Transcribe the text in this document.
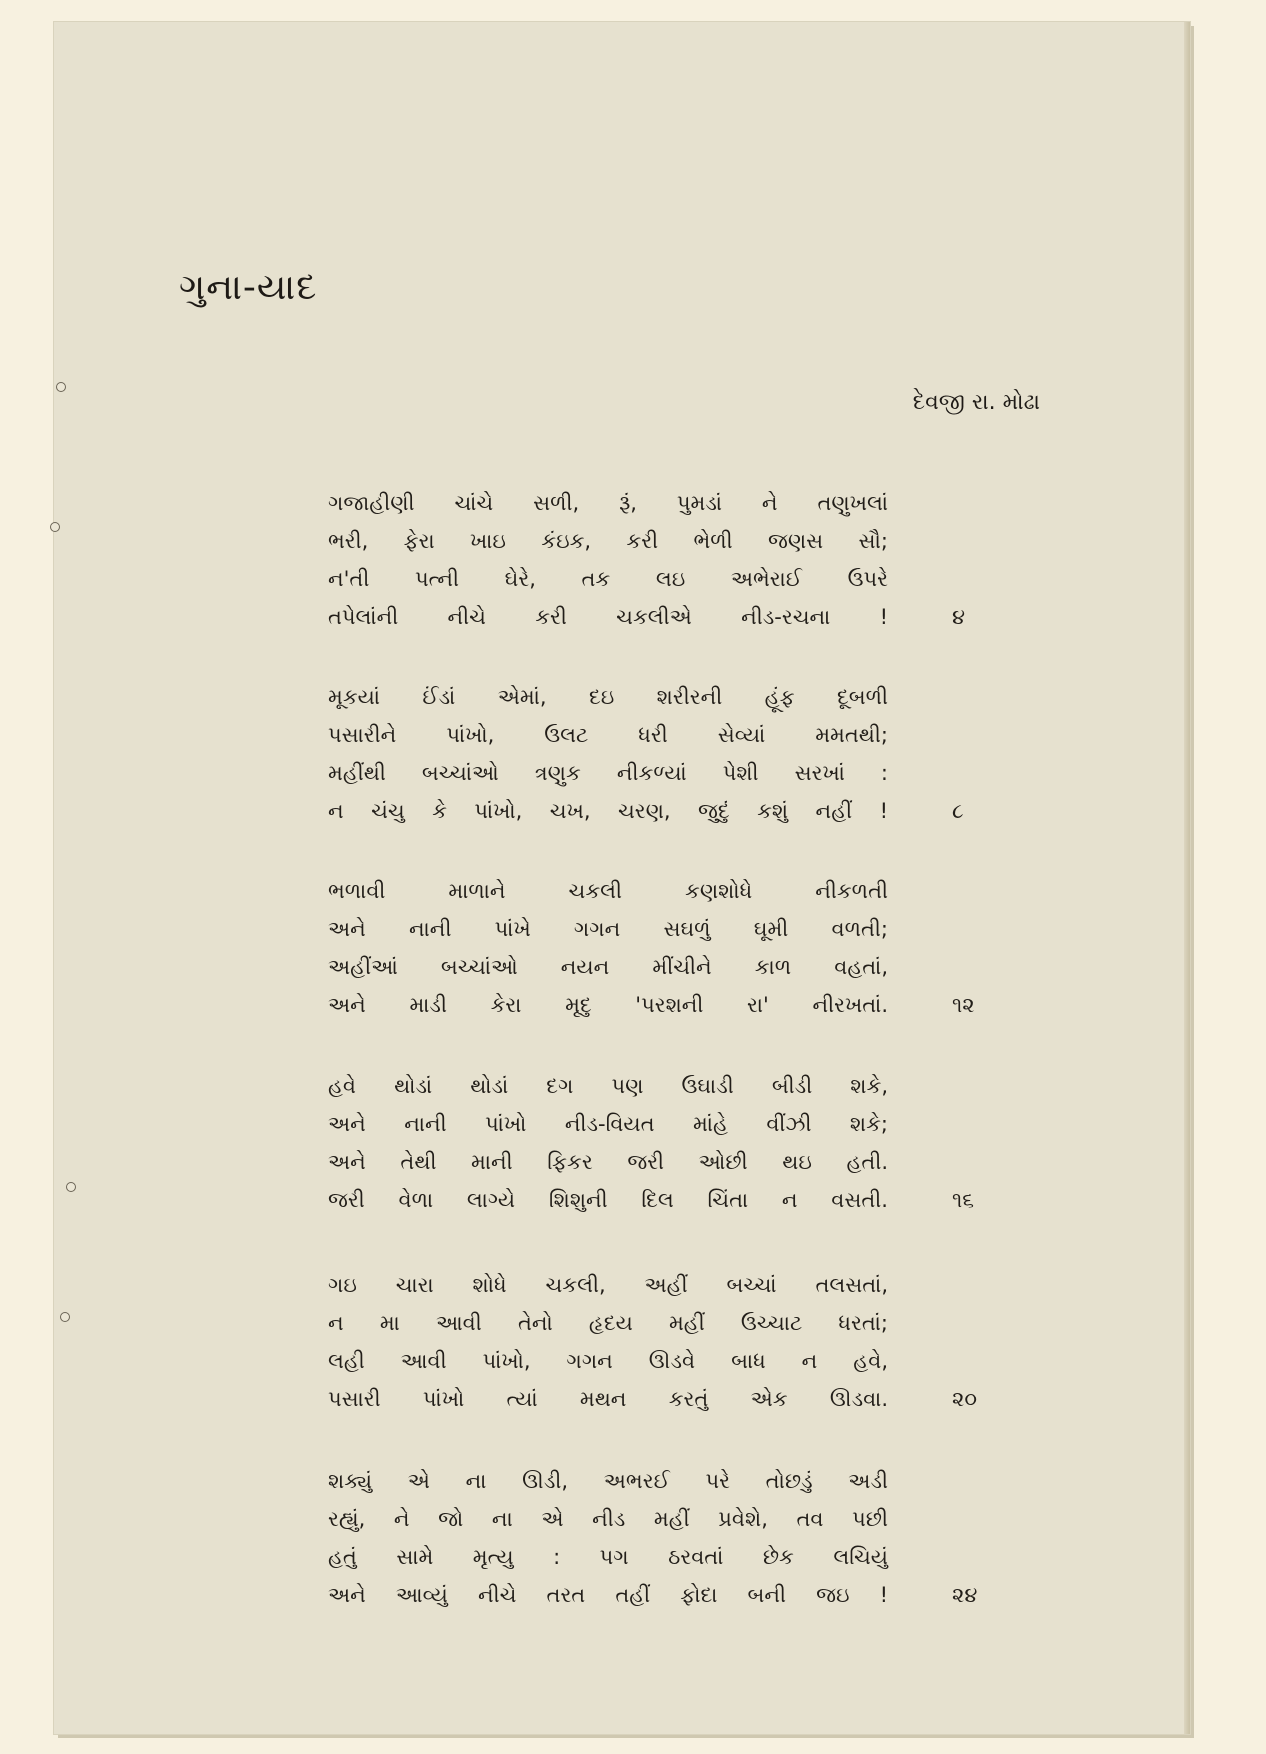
ગુના-યાદ
દેવજી રા. મોઢા
ગજાહીણી ચાંચે સળી, રૂં, પુમડાં ને તણુખલાં
ભરી, ફેરા ખાઇ કંઇક, કરી ભેળી જણસ સૌ;
ન'તી પત્ની ઘેરે, તક લઇ અભેરાઈ ઉપરે
તપેલાંની નીચે કરી ચકલીએ નીડ-રચના !	૪
મૂકયાં ઈંડાં એમાં, દઇ શરીરની હૂંફ દૂબળી
પસારીને પાંખો, ઉલટ ધરી સેવ્યાં મમતથી;
મહીંથી બચ્ચાંઓ ત્રણુક નીકળ્યાં પેશી સરખાં :
ન ચંચુ કે પાંખો, ચખ, ચરણ, જુદું કશું નહીં !	૮
ભળાવી માળાને ચકલી કણશોધે નીકળતી
અને નાની પાંખે ગગન સઘળું ઘૂમી વળતી;
અહીંઆં બચ્ચાંઓ નયન મીંચીને કાળ વહતાં,
અને માડી કેરા મૃદુ 'પરશની રા' નીરખતાં.	૧૨
હવે થોડાં થોડાં દગ પણ ઉઘાડી બીડી શકે,
અને નાની પાંખો નીડ-વિયત માંહે વીંઝી શકે;
અને તેથી માની ફિકર જરી ઓછી થઇ હતી.
જરી વેળા લાગ્યે શિશુની દિલ ચિંતા ન વસતી.	૧૬
ગઇ ચારા શોધે ચકલી, અહીં બચ્ચાં તલસતાં,
ન મા આવી તેનો હૃદય મહીં ઉચ્ચાટ ધરતાં;
લહી આવી પાંખો, ગગન ઊડવે બાધ ન હવે,
પસારી પાંખો ત્યાં મથન કરતું એક ઊડવા.	૨૦
શક્યું એ ના ઊડી, અભરઈ પરે તોછડું અડી
રહ્યું, ને જો ના એ નીડ મહીં પ્રવેશે, તવ પછી
હતું સામે મૃત્યુ : પગ ઠરવતાં છેક લચિયું
અને આવ્યું નીચે તરત તહીં ફોદા બની જઇ !	૨૪
